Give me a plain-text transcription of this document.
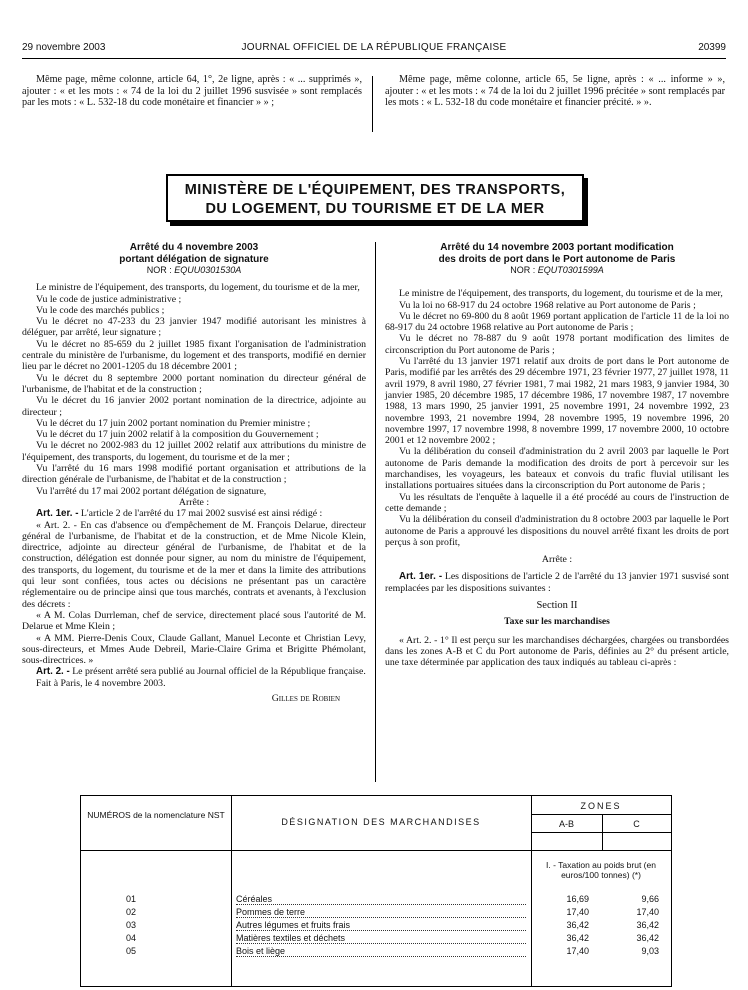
29 novembre 2003	JOURNAL OFFICIEL DE LA RÉPUBLIQUE FRANÇAISE	20399

Même page, même colonne, article 64, 1°, 2e ligne, après : « ... supprimés », ajouter : « et les mots : « 74 de la loi du 2 juillet 1996 susvisée » sont remplacés par les mots : « L. 532-18 du code monétaire et financier » » ;

Même page, même colonne, article 65, 5e ligne, après : « ... informe » », ajouter : « et les mots : « 74 de la loi du 2 juillet 1996 précitée » sont remplacés par les mots : « L. 532-18 du code monétaire et financier précité. » ».

MINISTÈRE DE L'ÉQUIPEMENT, DES TRANSPORTS,
DU LOGEMENT, DU TOURISME ET DE LA MER
Arrêté du 4 novembre 2003
portant délégation de signature
NOR : EQUU0301530A

Le ministre de l'équipement, des transports, du logement, du tourisme et de la mer,

Vu le code de justice administrative ;

Vu le code des marchés publics ;

Vu le décret no 47-233 du 23 janvier 1947 modifié autorisant les ministres à déléguer, par arrêté, leur signature ;

Vu le décret no 85-659 du 2 juillet 1985 fixant l'organisation de l'administration centrale du ministère de l'urbanisme, du logement et des transports, modifié en dernier lieu par le décret no 2001-1205 du 18 décembre 2001 ;

Vu le décret du 8 septembre 2000 portant nomination du directeur général de l'urbanisme, de l'habitat et de la construction ;

Vu le décret du 16 janvier 2002 portant nomination de la directrice, adjointe au directeur ;

Vu le décret du 17 juin 2002 portant nomination du Premier ministre ;

Vu le décret du 17 juin 2002 relatif à la composition du Gouvernement ;

Vu le décret no 2002-983 du 12 juillet 2002 relatif aux attributions du ministre de l'équipement, des transports, du logement, du tourisme et de la mer ;

Vu l'arrêté du 16 mars 1998 modifié portant organisation et attributions de la direction générale de l'urbanisme, de l'habitat et de la construction ;

Vu l'arrêté du 17 mai 2002 portant délégation de signature,

Arrête :

Art. 1er. - L'article 2 de l'arrêté du 17 mai 2002 susvisé est ainsi rédigé :

« Art. 2. - En cas d'absence ou d'empêchement de M. François Delarue, directeur général de l'urbanisme, de l'habitat et de la construction, et de Mme Nicole Klein, directrice, adjointe au directeur général de l'urbanisme, de l'habitat et de la construction, délégation est donnée pour signer, au nom du ministre de l'équipement, des transports, du logement, du tourisme et de la mer et dans la limite des attributions qui leur sont confiées, tous actes ou décisions ne présentant pas un caractère réglementaire ou de principe ainsi que tous marchés, contrats et avenants, à l'exclusion des décrets :

« A M. Colas Durrleman, chef de service, directement placé sous l'autorité de M. Delarue et Mme Klein ;

« A MM. Pierre-Denis Coux, Claude Gallant, Manuel Leconte et Christian Levy, sous-directeurs, et Mmes Aude Debreil, Marie-Claire Grima et Brigitte Phémolant, sous-directrices. »

Art. 2. - Le présent arrêté sera publié au Journal officiel de la République française.

Fait à Paris, le 4 novembre 2003.

Gilles de Robien

Arrêté du 14 novembre 2003 portant modification
des droits de port dans le Port autonome de Paris
NOR : EQUT0301599A

Le ministre de l'équipement, des transports, du logement, du tourisme et de la mer,

Vu la loi no 68-917 du 24 octobre 1968 relative au Port autonome de Paris ;

Vu le décret no 69-800 du 8 août 1969 portant application de l'article 11 de la loi no 68-917 du 24 octobre 1968 relative au Port autonome de Paris ;

Vu le décret no 78-887 du 9 août 1978 portant modification des limites de circonscription du Port autonome de Paris ;

Vu l'arrêté du 13 janvier 1971 relatif aux droits de port dans le Port autonome de Paris, modifié par les arrêtés des 29 décembre 1971, 23 février 1977, 27 juillet 1978, 11 avril 1979, 8 avril 1980, 27 février 1981, 7 mai 1982, 21 mars 1983, 9 janvier 1984, 30 janvier 1985, 20 décembre 1985, 17 décembre 1986, 17 novembre 1987, 17 novembre 1988, 13 mars 1990, 25 janvier 1991, 25 novembre 1991, 24 novembre 1992, 23 novembre 1993, 21 novembre 1994, 28 novembre 1995, 19 novembre 1996, 20 novembre 1997, 17 novembre 1998, 8 novembre 1999, 17 novembre 2000, 10 octobre 2001 et 12 novembre 2002 ;

Vu la délibération du conseil d'administration du 2 avril 2003 par laquelle le Port autonome de Paris demande la modification des droits de port à percevoir sur les marchandises, les voyageurs, les bateaux et convois du trafic fluvial utilisant les installations portuaires situées dans la circonscription du Port autonome de Paris ;

Vu les résultats de l'enquête à laquelle il a été procédé au cours de l'instruction de cette demande ;

Vu la délibération du conseil d'administration du 8 octobre 2003 par laquelle le Port autonome de Paris a approuvé les dispositions du nouvel arrêté fixant les droits de port perçus à son profit,

Arrête :

Art. 1er. - Les dispositions de l'article 2 de l'arrêté du 13 janvier 1971 susvisé sont remplacées par les dispositions suivantes :

Section II

Taxe sur les marchandises

« Art. 2. - 1° Il est perçu sur les marchandises déchargées, chargées ou transbordées dans les zones A-B et C du Port autonome de Paris, définies au 2° du présent article, une taxe déterminée par application des taux indiqués au tableau ci-après :

NUMÉROS de la nomenclature NST
DÉSIGNATION DES MARCHANDISES
ZONES
A-B	C
I. - Taxation au poids brut (en euros/100 tonnes) (*)
01	Céréales	16,69	9,66
02	Pommes de terre	17,40	17,40
03	Autres légumes et fruits frais	36,42	36,42
04	Matières textiles et déchets	36,42	36,42
05	Bois et liège	17,40	9,03
